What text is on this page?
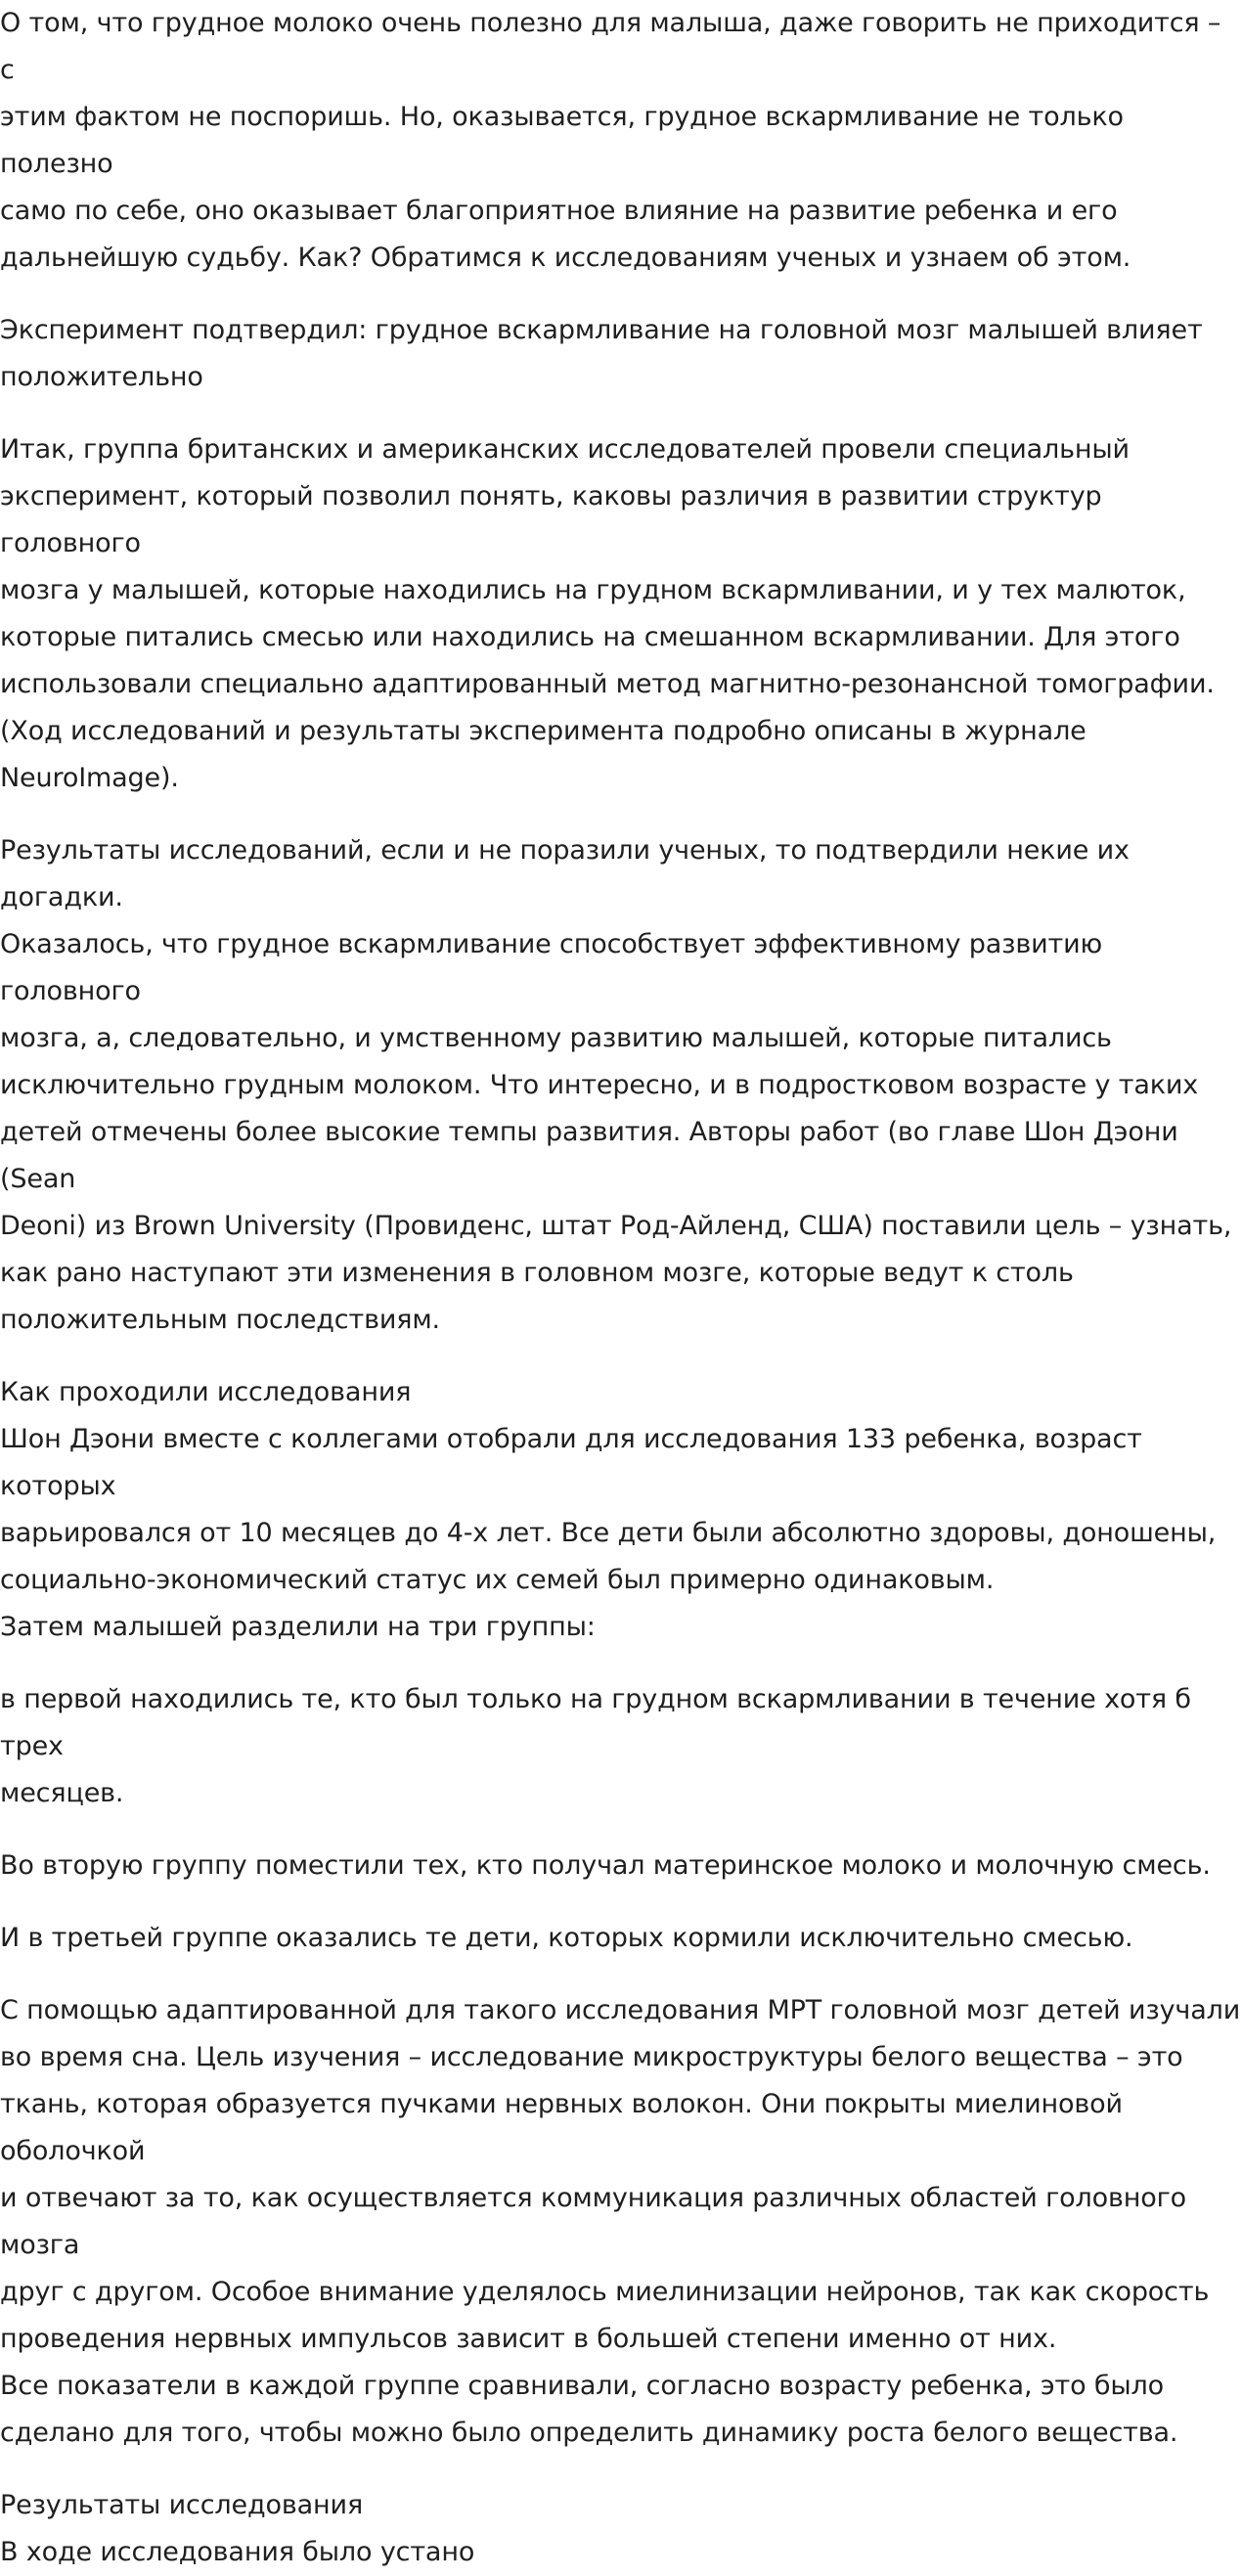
О том, что грудное молоко очень полезно для малыша, даже говорить не приходится – с
этим фактом не поспоришь. Но, оказывается, грудное вскармливание не только полезно
само по себе, оно оказывает благоприятное влияние на развитие ребенка и его
дальнейшую судьбу. Как? Обратимся к исследованиям ученых и узнаем об этом.

Эксперимент подтвердил: грудное вскармливание на головной мозг малышей влияет
положительно

Итак, группа британских и американских исследователей провели специальный
эксперимент, который позволил понять, каковы различия в развитии структур головного
мозга у малышей, которые находились на грудном вскармливании, и у тех малюток,
которые питались смесью или находились на смешанном вскармливании. Для этого
использовали специально адаптированный метод магнитно-резонансной томографии.
(Ход исследований и результаты эксперимента подробно описаны в журнале NeuroImage).

Результаты исследований, если и не поразили ученых, то подтвердили некие их догадки.
Оказалось, что грудное вскармливание способствует эффективному развитию головного
мозга, а, следовательно, и умственному развитию малышей, которые питались
исключительно грудным молоком. Что интересно, и в подростковом возрасте у таких
детей отмечены более высокие темпы развития. Авторы работ (во главе Шон Дэони (Sean
Deoni) из Brown University (Провиденс, штат Род-Айленд, США) поставили цель – узнать,
как рано наступают эти изменения в головном мозге, которые ведут к столь
положительным последствиям.

Как проходили исследования

Шон Дэони вместе с коллегами отобрали для исследования 133 ребенка, возраст которых
варьировался от 10 месяцев до 4-х лет. Все дети были абсолютно здоровы, доношены,
социально-экономический статус их семей был примерно одинаковым.

Затем малышей разделили на три группы:

в первой находились те, кто был только на грудном вскармливании в течение хотя б трех
месяцев.

Во вторую группу поместили тех, кто получал материнское молоко и молочную смесь.

И в третьей группе оказались те дети, которых кормили исключительно смесью.

С помощью адаптированной для такого исследования МРТ головной мозг детей изучали
во время сна. Цель изучения – исследование микроструктуры белого вещества – это
ткань, которая образуется пучками нервных волокон. Они покрыты миелиновой оболочкой
и отвечают за то, как осуществляется коммуникация различных областей головного мозга
друг с другом. Особое внимание уделялось миелинизации нейронов, так как скорость
проведения нервных импульсов зависит в большей степени именно от них.

Все показатели в каждой группе сравнивали, согласно возрасту ребенка, это было
сделано для того, чтобы можно было определить динамику роста белого вещества.

Результаты исследования

В ходе исследования было устано
